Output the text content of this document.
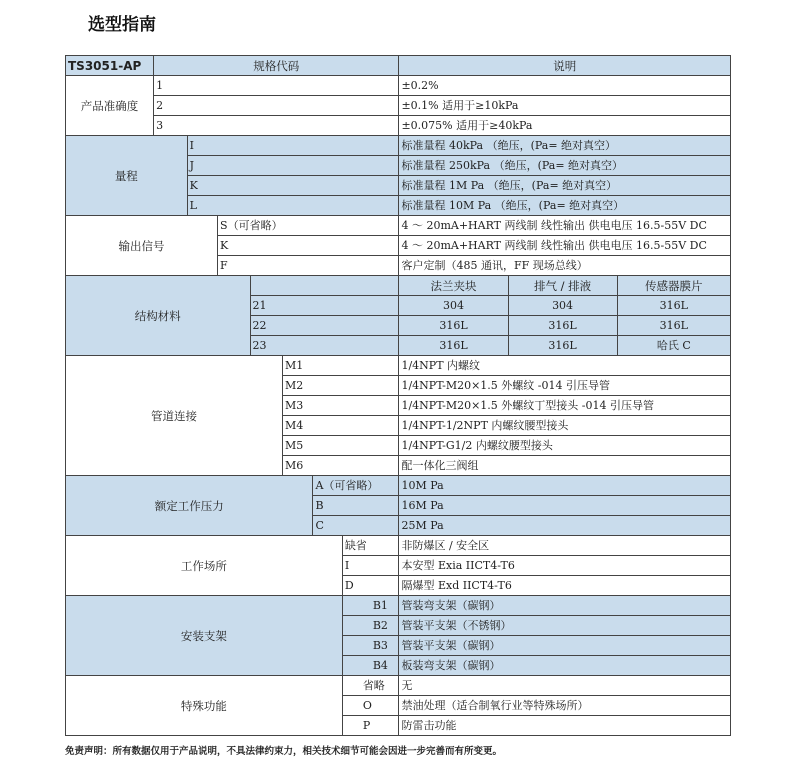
选型指南
TS3051-AP	规格代码							说明		
产品准确度	1							±0.2%		
	2							±0.1% 适用于≥10kPa		
	3							±0.075% 适用于≥40kPa		
量程		I						标准量程 40kPa （绝压，(Pa= 绝对真空）		
		J						标准量程 250kPa （绝压，(Pa= 绝对真空）		
		K						标准量程 1M Pa （绝压，(Pa= 绝对真空）		
		L						标准量程 10M Pa （绝压，(Pa= 绝对真空）		
输出信号			S（可省略）					4 ～ 20mA+HART 两线制 线性输出 供电电压 16.5-55V DC		
			K					4 ～ 20mA+HART 两线制 线性输出 供电电压 16.5-55V DC		
			F					客户定制（485 通讯，FF 现场总线）		
结构材料								法兰夹块	排气 / 排液	传感器膜片
				21				304	304	316L
				22				316L	316L	316L
				23				316L	316L	哈氏 C
管道连接					M1			1/4NPT 内螺纹		
					M2			1/4NPT-M20×1.5 外螺纹 -014 引压导管		
					M3			1/4NPT-M20×1.5 外螺纹丁型接头 -014 引压导管		
					M4			1/4NPT-1/2NPT 内螺纹腰型接头		
					M5			1/4NPT-G1/2 内螺纹腰型接头		
					M6			配一体化三阀组		
额定工作压力						A（可省略）		10M Pa		
						B		16M Pa		
						C		25M Pa		
工作场所							缺省	非防爆区 / 安全区		
							I	本安型 Exia IICT4-T6		
							D	隔爆型 Exd IICT4-T6		
安装支架							B1	管装弯支架（碳钢）		
							B2	管装平支架（不锈钢）		
							B3	管装平支架（碳钢）		
							B4	板装弯支架（碳钢）		
特殊功能							省略	无		
							O	禁油处理（适合制氧行业等特殊场所）		
							P	防雷击功能		
免责声明：所有数据仅用于产品说明，不具法律约束力，相关技术细节可能会因进一步完善而有所变更。
